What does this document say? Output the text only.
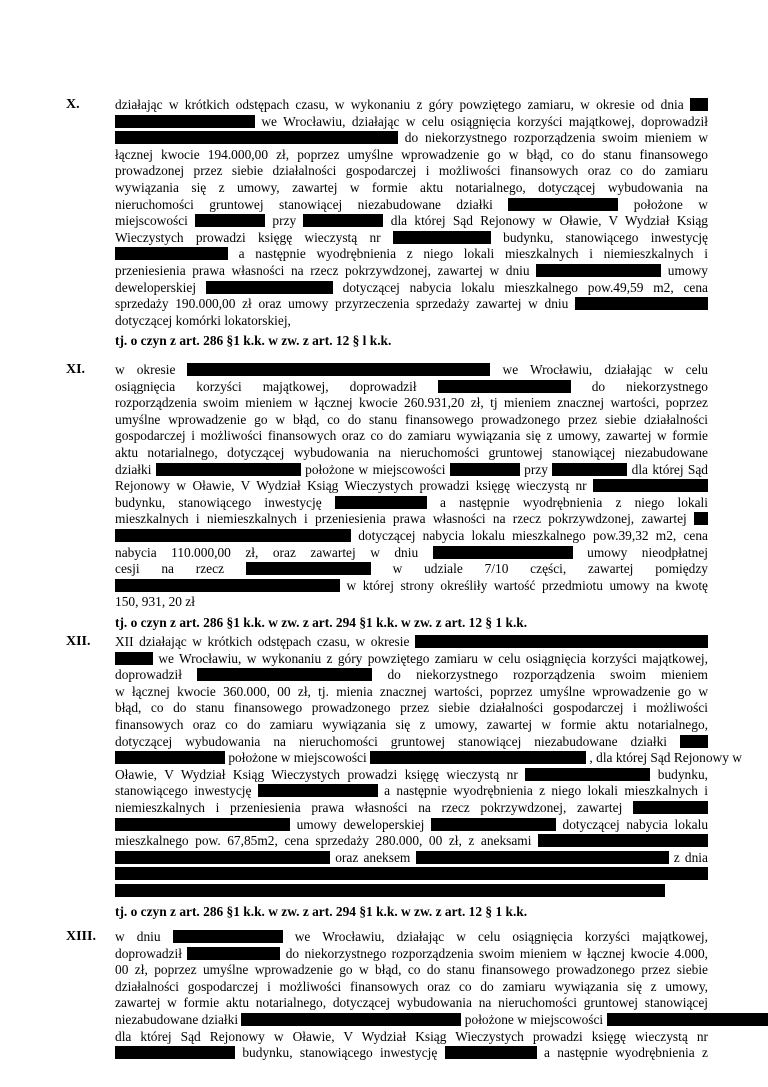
X.	działając w krótkich odstępach czasu, w wykonaniu z góry powziętego zamiaru, w okresie od dnia
we Wrocławiu, działając w celu osiągnięcia korzyści majątkowej, doprowadził
do niekorzystnego rozporządzenia swoim mieniem w
łącznej kwocie 194.000,00 zł, poprzez umyślne wprowadzenie go w błąd, co do stanu finansowego
prowadzonej przez siebie działalności gospodarczej i możliwości finansowych oraz co do zamiaru
wywiązania się z umowy, zawartej w formie aktu notarialnego, dotyczącej wybudowania na
nieruchomości gruntowej stanowiącej niezabudowane działki	położone w
miejscowości	przy	dla której Sąd Rejonowy w Oławie, V Wydział Ksiąg
Wieczystych prowadzi księgę wieczystą nr	budynku, stanowiącego inwestycję
a następnie wyodrębnienia z niego lokali mieszkalnych i niemieszkalnych i
przeniesienia prawa własności na rzecz pokrzywdzonej, zawartej w dniu	umowy
deweloperskiej	dotyczącej nabycia lokalu mieszkalnego pow.49,59 m2, cena
sprzedaży 190.000,00 zł oraz umowy przyrzeczenia sprzedaży zawartej w dniu
dotyczącej komórki lokatorskiej,
tj. o czyn z art. 286 §1 k.k. w zw. z art. 12 § l k.k.
XI. w okresie	we Wrocławiu, działając w celu
osiągnięcia korzyści majątkowej, doprowadził	do niekorzystnego
rozporządzenia swoim mieniem w łącznej kwocie 260.931,20 zł, tj mieniem znacznej wartości, poprzez
umyślne wprowadzenie go w błąd, co do stanu finansowego prowadzonego przez siebie działalności
gospodarczej i możliwości finansowych oraz co do zamiaru wywiązania się z umowy, zawartej w formie
aktu notarialnego, dotyczącej wybudowania na nieruchomości gruntowej stanowiącej niezabudowane
działki	położone w miejscowości	przy	dla której Sąd
Rejonowy w Oławie, V Wydział Ksiąg Wieczystych prowadzi księgę wieczystą nr
budynku, stanowiącego inwestycję	a następnie wyodrębnienia z niego lokali
mieszkalnych i niemieszkalnych i przeniesienia prawa własności na rzecz pokrzywdzonej, zawartej
dotyczącej nabycia lokalu mieszkalnego pow.39,32 m2, cena
nabycia 110.000,00 zł, oraz zawartej w dniu	umowy nieodpłatnej
cesji na rzecz	w udziale 7/10 części, zawartej pomiędzy
w której strony określiły wartość przedmiotu umowy na kwotę
150, 931, 20 zł
tj. o czyn z art. 286 §1 k.k. w zw. z art. 294 §1 k.k. w zw. z art. 12 § 1 k.k.
XII. XII działając w krótkich odstępach czasu, w okresie
we Wrocławiu, w wykonaniu z góry powziętego zamiaru w celu osiągnięcia korzyści majątkowej,
doprowadził	do niekorzystnego rozporządzenia swoim mieniem
w łącznej kwocie 360.000, 00 zł, tj. mienia znacznej wartości, poprzez umyślne wprowadzenie go w
błąd, co do stanu finansowego prowadzonego przez siebie działalności gospodarczej i możliwości
finansowych oraz co do zamiaru wywiązania się z umowy, zawartej w formie aktu notarialnego,
dotyczącej wybudowania na nieruchomości gruntowej stanowiącej niezabudowane działki
położone w miejscowości	, dla której Sąd Rejonowy w
Oławie, V Wydział Ksiąg Wieczystych prowadzi księgę wieczystą nr	budynku,
stanowiącego inwestycję	a następnie wyodrębnienia z niego lokali mieszkalnych i
niemieszkalnych i przeniesienia prawa własności na rzecz pokrzywdzonej, zawartej
umowy deweloperskiej	dotyczącej nabycia lokalu
mieszkalnego pow. 67,85m2, cena sprzedaży 280.000, 00 zł, z aneksami
oraz aneksem	z dnia
tj. o czyn z art. 286 §1 k.k. w zw. z art. 294 §1 k.k. w zw. z art. 12 § 1 k.k.
XIII. w dniu	we Wrocławiu, działając w celu osiągnięcia korzyści majątkowej,
doprowadził	do niekorzystnego rozporządzenia swoim mieniem w łącznej kwocie 4.000,
00 zł, poprzez umyślne wprowadzenie go w błąd, co do stanu finansowego prowadzonego przez siebie
działalności gospodarczej i możliwości finansowych oraz co do zamiaru wywiązania się z umowy,
zawartej w formie aktu notarialnego, dotyczącej wybudowania na nieruchomości gruntowej stanowiącej
niezabudowane działki	położone w miejscowości
dla której Sąd Rejonowy w Oławie, V Wydział Ksiąg Wieczystych prowadzi księgę wieczystą nr
budynku, stanowiącego inwestycję	a następnie wyodrębnienia z
